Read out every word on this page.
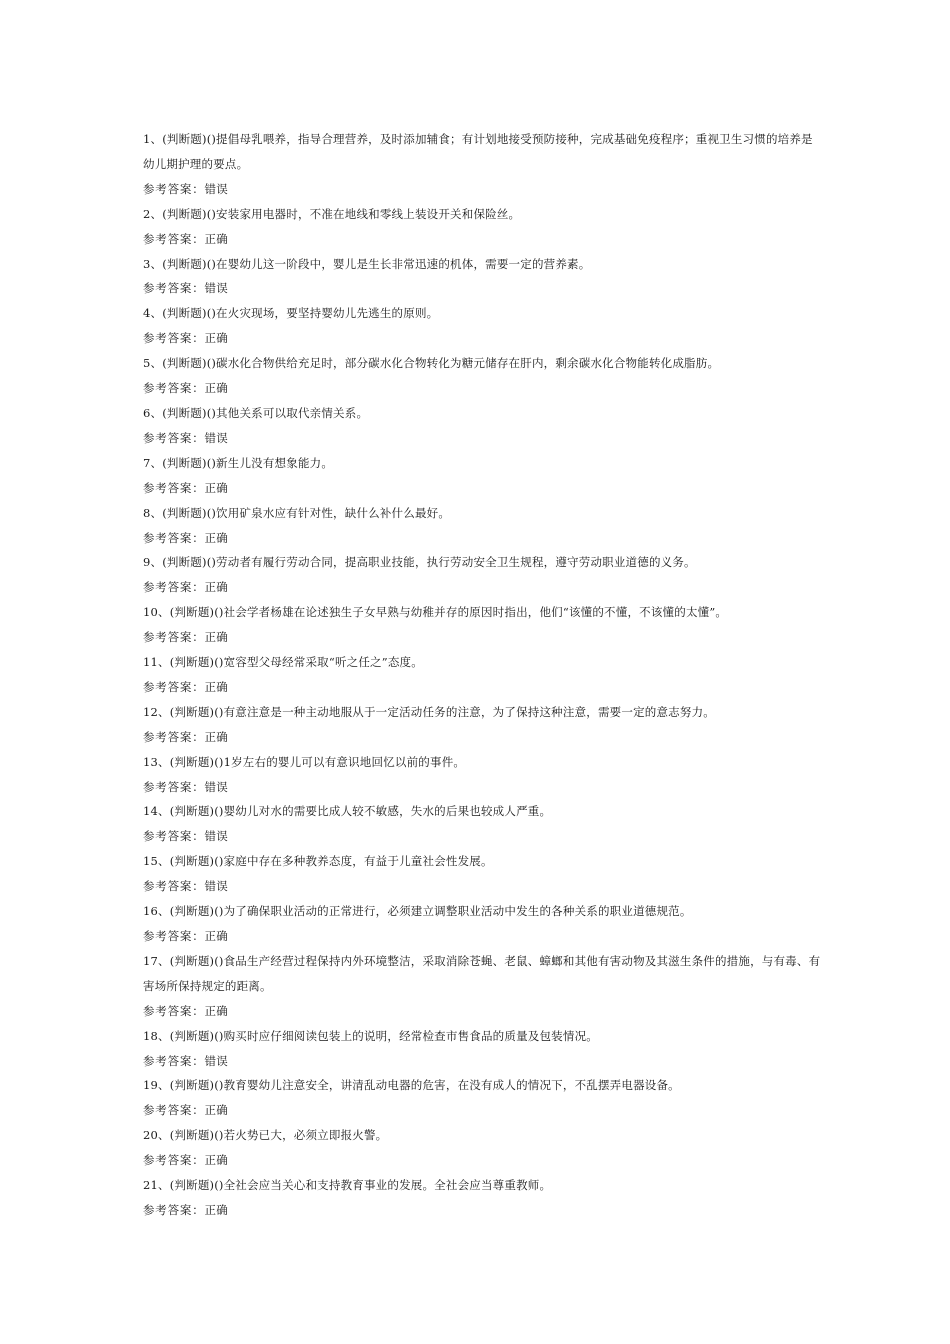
1、(判断题)()提倡母乳喂养，指导合理营养，及时添加辅食；有计划地接受预防接种，完成基础免疫程序；重视卫生习惯的培养是幼儿期护理的要点。
参考答案：错误
2、(判断题)()安装家用电器时，不准在地线和零线上装设开关和保险丝。
参考答案：正确
3、(判断题)()在婴幼儿这一阶段中，婴儿是生长非常迅速的机体，需要一定的营养素。
参考答案：错误
4、(判断题)()在火灾现场，要坚持婴幼儿先逃生的原则。
参考答案：正确
5、(判断题)()碳水化合物供给充足时，部分碳水化合物转化为糖元储存在肝内，剩余碳水化合物能转化成脂肪。
参考答案：正确
6、(判断题)()其他关系可以取代亲情关系。
参考答案：错误
7、(判断题)()新生儿没有想象能力。
参考答案：正确
8、(判断题)()饮用矿泉水应有针对性，缺什么补什么最好。
参考答案：正确
9、(判断题)()劳动者有履行劳动合同，提高职业技能，执行劳动安全卫生规程，遵守劳动职业道德的义务。
参考答案：正确
10、(判断题)()社会学者杨雄在论述独生子女早熟与幼稚并存的原因时指出，他们“该懂的不懂，不该懂的太懂”。
参考答案：正确
11、(判断题)()宽容型父母经常采取“听之任之”态度。
参考答案：正确
12、(判断题)()有意注意是一种主动地服从于一定活动任务的注意，为了保持这种注意，需要一定的意志努力。
参考答案：正确
13、(判断题)()1岁左右的婴儿可以有意识地回忆以前的事件。
参考答案：错误
14、(判断题)()婴幼儿对水的需要比成人较不敏感，失水的后果也较成人严重。
参考答案：错误
15、(判断题)()家庭中存在多种教养态度，有益于儿童社会性发展。
参考答案：错误
16、(判断题)()为了确保职业活动的正常进行，必须建立调整职业活动中发生的各种关系的职业道德规范。
参考答案：正确
17、(判断题)()食品生产经营过程保持内外环境整洁，采取消除苍蝇、老鼠、蟑螂和其他有害动物及其滋生条件的措施，与有毒、有害场所保持规定的距离。
参考答案：正确
18、(判断题)()购买时应仔细阅读包装上的说明，经常检查市售食品的质量及包装情况。
参考答案：错误
19、(判断题)()教育婴幼儿注意安全，讲清乱动电器的危害，在没有成人的情况下，不乱摆弄电器设备。
参考答案：正确
20、(判断题)()若火势已大，必须立即报火警。
参考答案：正确
21、(判断题)()全社会应当关心和支持教育事业的发展。全社会应当尊重教师。
参考答案：正确
